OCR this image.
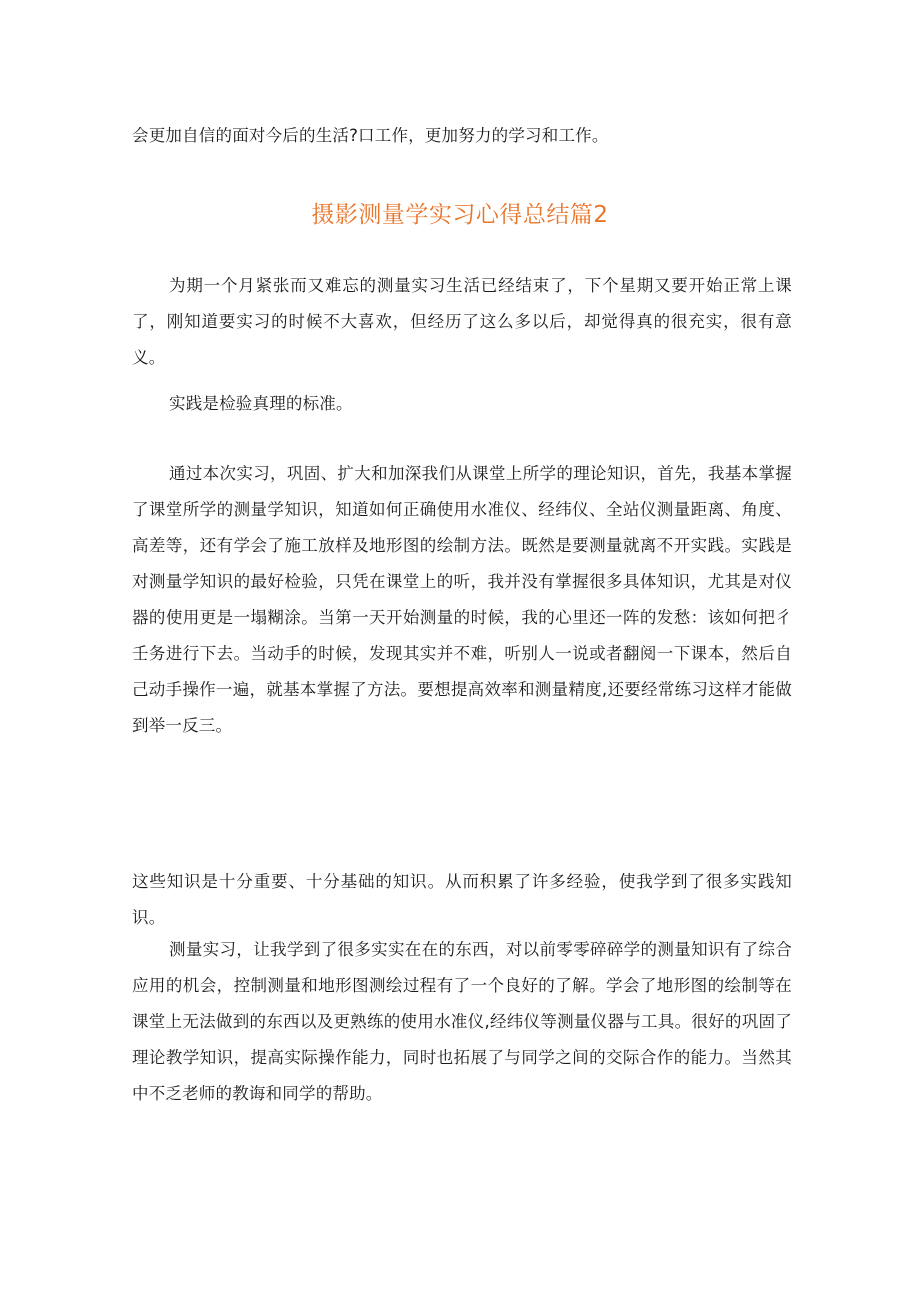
会更加自信的面对今后的生活?口工作，更加努力的学习和工作。

摄影测量学实习心得总结篇2

为期一个月紧张而又难忘的测量实习生活已经结束了，下个星期又要开始正常上课了，刚知道要实习的时候不大喜欢，但经历了这么多以后，却觉得真的很充实，很有意义。

实践是检验真理的标准。

通过本次实习，巩固、扩大和加深我们从课堂上所学的理论知识，首先，我基本掌握了课堂所学的测量学知识，知道如何正确使用水准仪、经纬仪、全站仪测量距离、角度、高差等，还有学会了施工放样及地形图的绘制方法。既然是要测量就离不开实践。实践是对测量学知识的最好检验，只凭在课堂上的听，我并没有掌握很多具体知识，尤其是对仪器的使用更是一塌糊涂。当第一天开始测量的时候，我的心里还一阵的发愁：该如何把彳壬务进行下去。当动手的时候，发现其实并不难，听别人一说或者翻阅一下课本，然后自己动手操作一遍，就基本掌握了方法。要想提高效率和测量精度,还要经常练习这样才能做到举一反三。

这些知识是十分重要、十分基础的知识。从而积累了许多经验，使我学到了很多实践知识。

测量实习，让我学到了很多实实在在的东西，对以前零零碎碎学的测量知识有了综合应用的机会，控制测量和地形图测绘过程有了一个良好的了解。学会了地形图的绘制等在课堂上无法做到的东西以及更熟练的使用水准仪,经纬仪等测量仪器与工具。很好的巩固了理论教学知识，提高实际操作能力，同时也拓展了与同学之间的交际合作的能力。当然其中不乏老师的教诲和同学的帮助。
